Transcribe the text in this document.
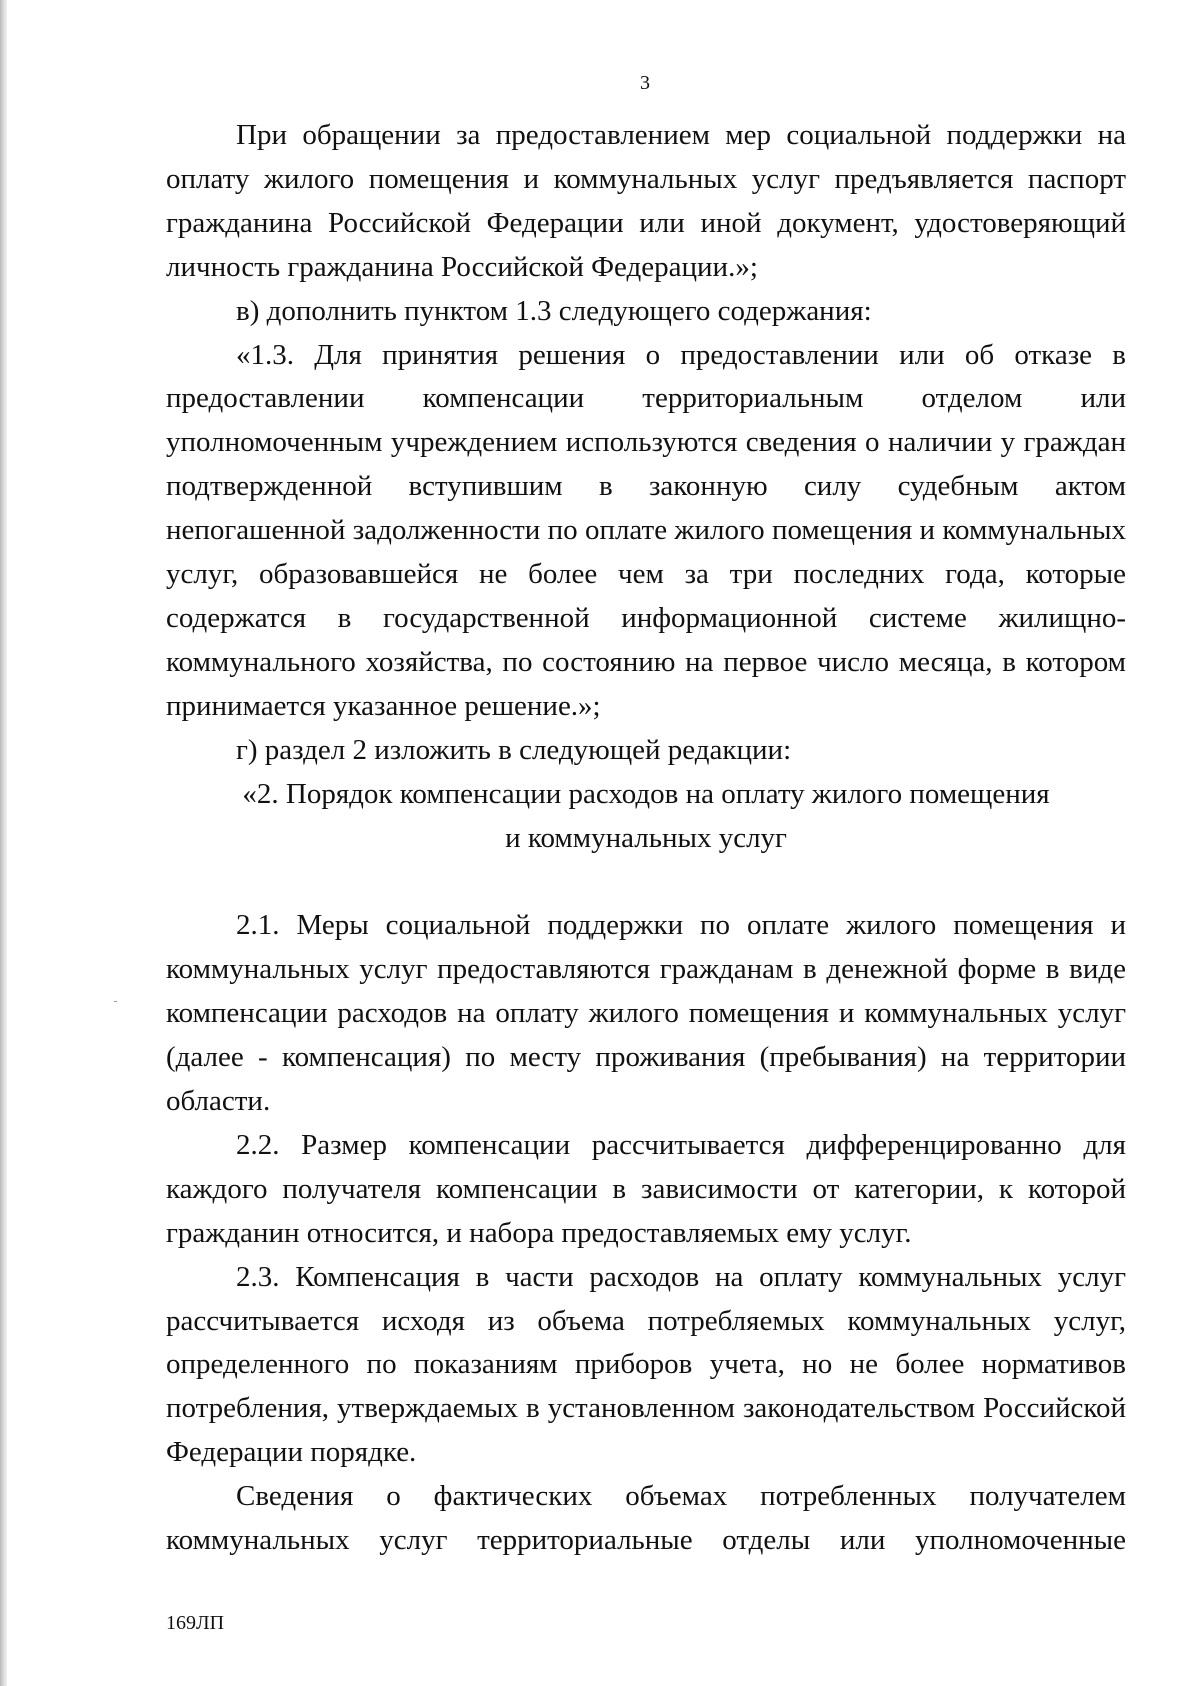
3

При обращении за предоставлением мер социальной поддержки на оплату жилого помещения и коммунальных услуг предъявляется паспорт гражданина Российской Федерации или иной документ, удостоверяющий личность гражданина Российской Федерации.»;

в) дополнить пунктом 1.3 следующего содержания:

«1.3. Для принятия решения о предоставлении или об отказе в предоставлении компенсации территориальным отделом или уполномоченным учреждением используются сведения о наличии у граждан подтвержденной вступившим в законную силу судебным актом непогашенной задолженности по оплате жилого помещения и коммунальных услуг, образовавшейся не более чем за три последних года, которые содержатся в государственной информационной системе жилищно-коммунального хозяйства, по состоянию на первое число месяца, в котором принимается указанное решение.»;

г) раздел 2 изложить в следующей редакции:

«2. Порядок компенсации расходов на оплату жилого помещения

и коммунальных услуг

2.1. Меры социальной поддержки по оплате жилого помещения и коммунальных услуг предоставляются гражданам в денежной форме в виде компенсации расходов на оплату жилого помещения и коммунальных услуг (далее - компенсация) по месту проживания (пребывания) на территории области.

2.2. Размер компенсации рассчитывается дифференцированно для каждого получателя компенсации в зависимости от категории, к которой гражданин относится, и набора предоставляемых ему услуг.

2.3. Компенсация в части расходов на оплату коммунальных услуг рассчитывается исходя из объема потребляемых коммунальных услуг, определенного по показаниям приборов учета, но не более нормативов потребления, утверждаемых в установленном законодательством Российской Федерации порядке.

Сведения о фактических объемах потребленных получателем коммунальных услуг территориальные отделы или уполномоченные

169ЛП
